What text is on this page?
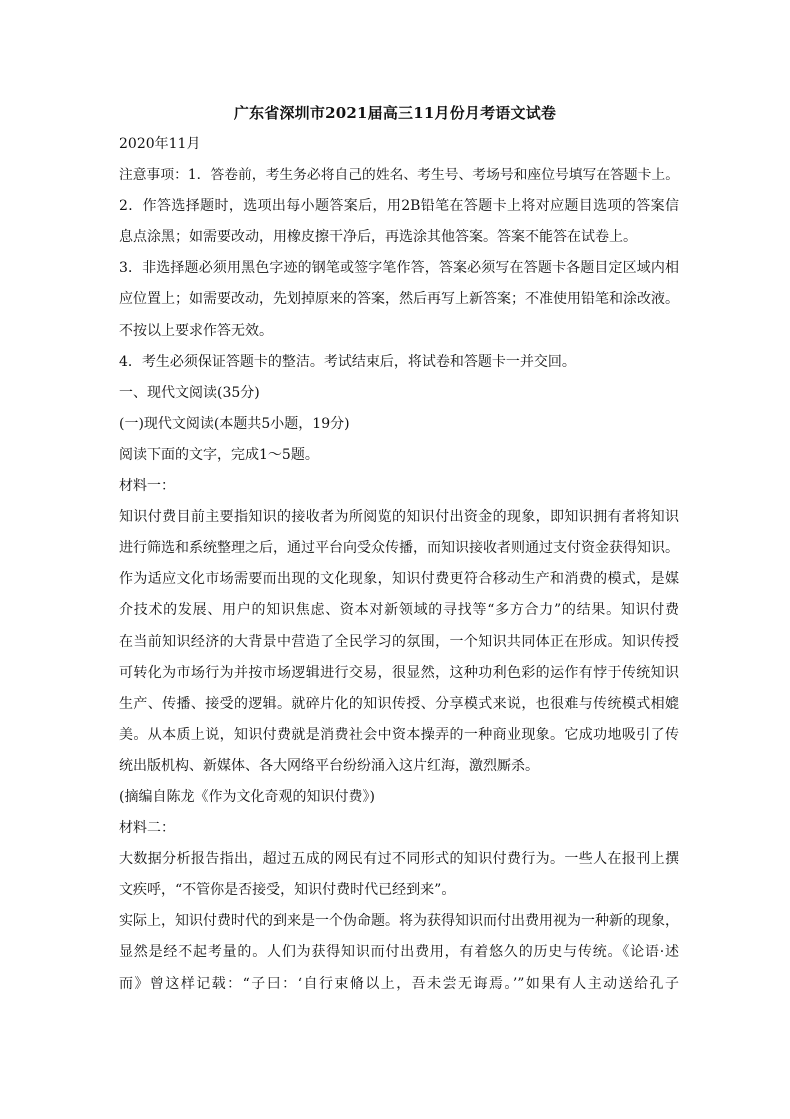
广东省深圳市2021届高三11月份月考语文试卷
2020年11月
注意事项：1．答卷前，考生务必将自己的姓名、考生号、考场号和座位号填写在答题卡上。
2．作答选择题时，选项出每小题答案后，用2B铅笔在答题卡上将对应题目选项的答案信
息点涂黑；如需要改动，用橡皮擦干净后，再选涂其他答案。答案不能答在试卷上。
3．非选择题必须用黑色字迹的钢笔或签字笔作答，答案必须写在答题卡各题目定区域内相
应位置上；如需要改动，先划掉原来的答案，然后再写上新答案；不准使用铅笔和涂改液。
不按以上要求作答无效。
4．考生必须保证答题卡的整洁。考试结束后，将试卷和答题卡一并交回。
一、现代文阅读(35分)
(一)现代文阅读(本题共5小题，19分)
阅读下面的文字，完成1～5题。
材料一：
知识付费目前主要指知识的接收者为所阅览的知识付出资金的现象，即知识拥有者将知识
进行筛选和系统整理之后，通过平台向受众传播，而知识接收者则通过支付资金获得知识。
作为适应文化市场需要而出现的文化现象，知识付费更符合移动生产和消费的模式，是媒
介技术的发展、用户的知识焦虑、资本对新领域的寻找等“多方合力”的结果。知识付费
在当前知识经济的大背景中营造了全民学习的氛围，一个知识共同体正在形成。知识传授
可转化为市场行为并按市场逻辑进行交易，很显然，这种功利色彩的运作有悖于传统知识
生产、传播、接受的逻辑。就碎片化的知识传授、分享模式来说，也很难与传统模式相媲
美。从本质上说，知识付费就是消费社会中资本操弄的一种商业现象。它成功地吸引了传
统出版机构、新媒体、各大网络平台纷纷涌入这片红海，激烈厮杀。
(摘编自陈龙《作为文化奇观的知识付费》)
材料二：
大数据分析报告指出，超过五成的网民有过不同形式的知识付费行为。一些人在报刊上撰
文疾呼，“不管你是否接受，知识付费时代已经到来”。
实际上，知识付费时代的到来是一个伪命题。将为获得知识而付出费用视为一种新的现象，
显然是经不起考量的。人们为获得知识而付出费用，有着悠久的历史与传统。《论语·述
而》曾这样记载：“子曰：‘自行束脩以上，吾未尝无诲焉。’”如果有人主动送给孔子
